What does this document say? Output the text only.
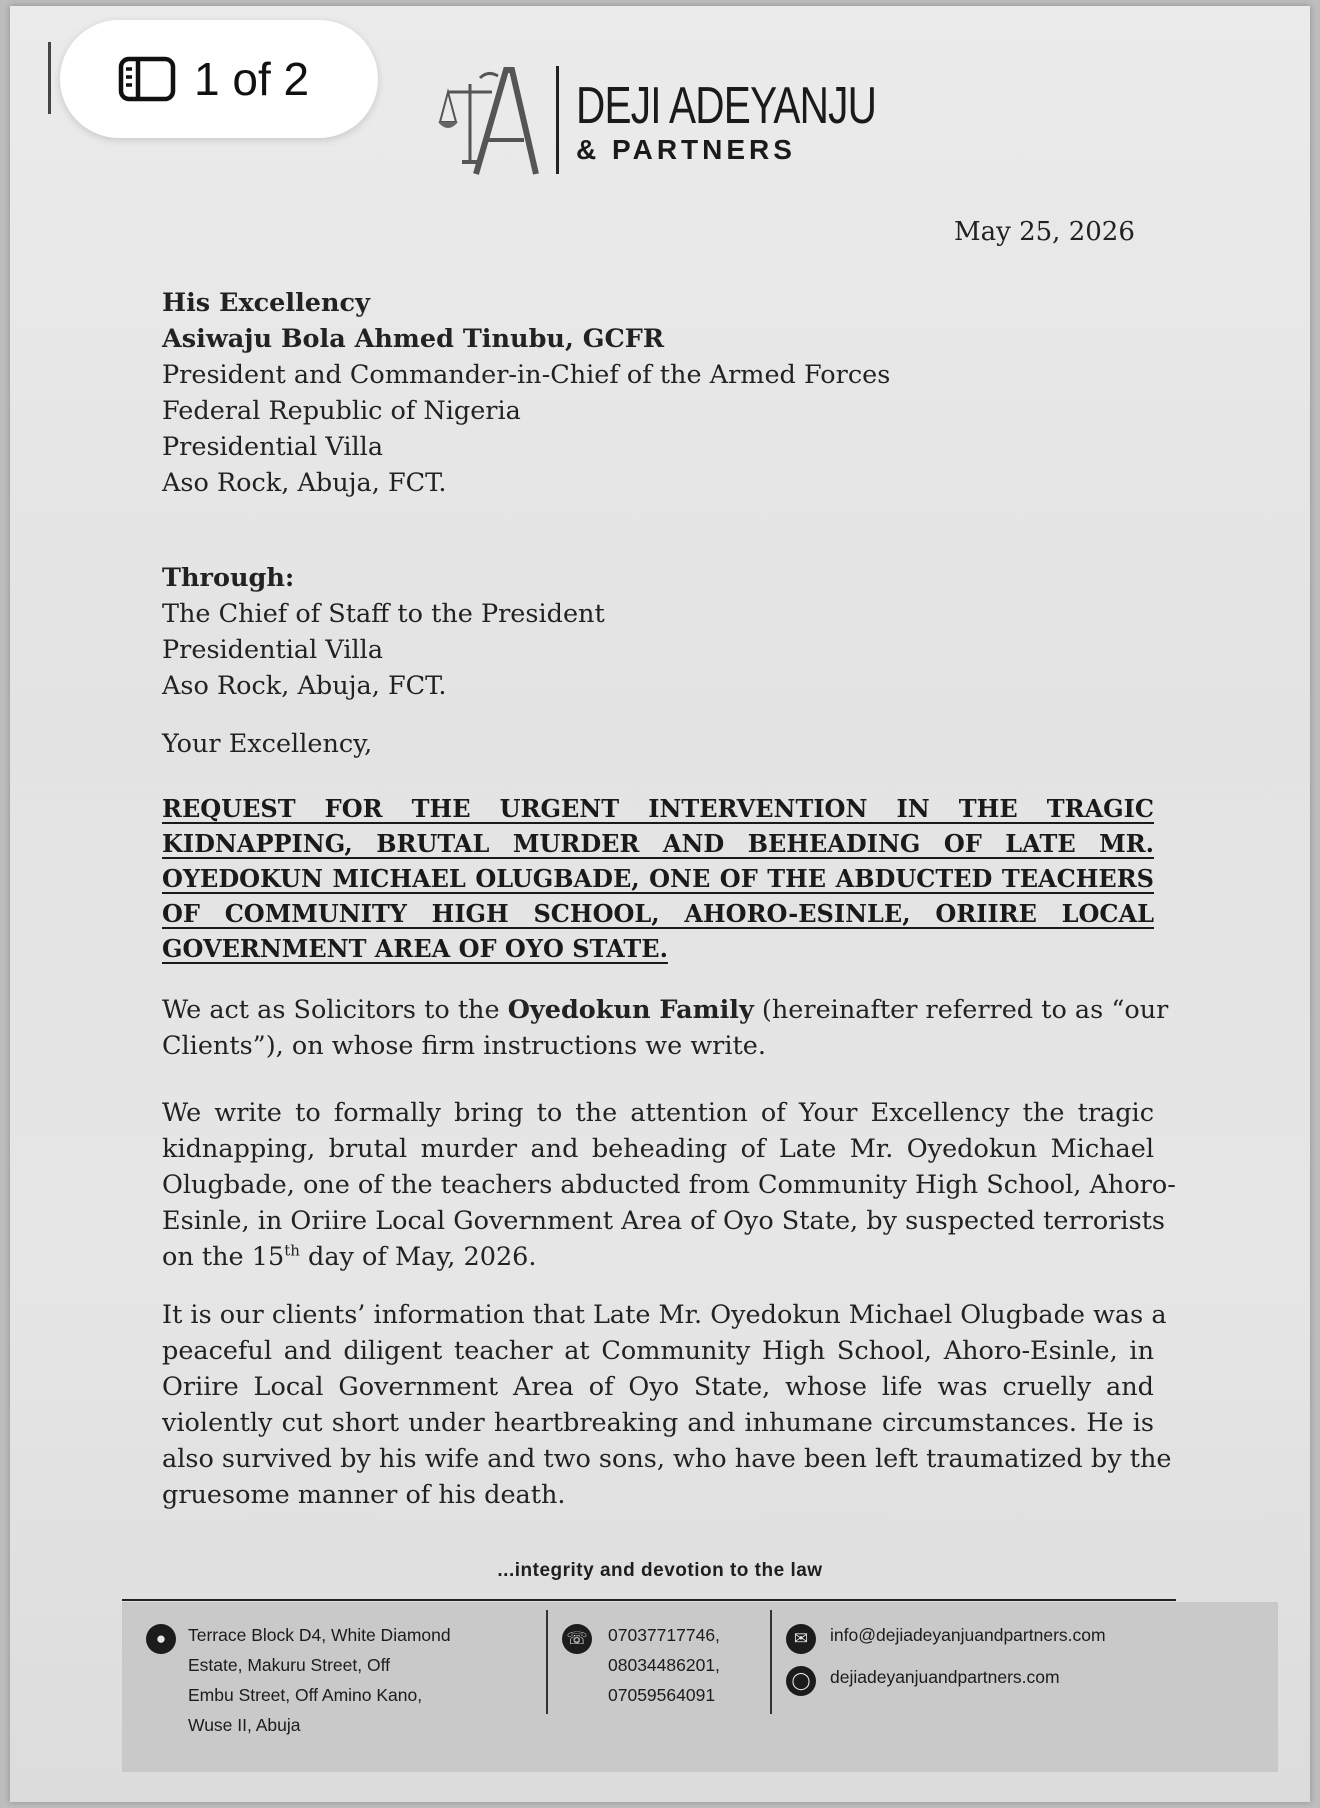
1 of 2	DEJI ADEYANJU
& PARTNERS
May 25, 2026
His Excellency
Asiwaju Bola Ahmed Tinubu, GCFR
President and Commander-in-Chief of the Armed Forces
Federal Republic of Nigeria
Presidential Villa
Aso Rock, Abuja, FCT.
Through:
The Chief of Staff to the President
Presidential Villa
Aso Rock, Abuja, FCT.
Your Excellency,
REQUEST FOR THE URGENT INTERVENTION IN THE TRAGIC
KIDNAPPING, BRUTAL MURDER AND BEHEADING OF LATE MR.
OYEDOKUN MICHAEL OLUGBADE, ONE OF THE ABDUCTED TEACHERS
OF COMMUNITY HIGH SCHOOL, AHORO-ESINLE, ORIIRE LOCAL
GOVERNMENT AREA OF OYO STATE.
We act as Solicitors to the Oyedokun Family (hereinafter referred to as “our
Clients”), on whose firm instructions we write.
We write to formally bring to the attention of Your Excellency the tragic
kidnapping, brutal murder and beheading of Late Mr. Oyedokun Michael
Olugbade, one of the teachers abducted from Community High School, Ahoro-
Esinle, in Oriire Local Government Area of Oyo State, by suspected terrorists
on the 15th day of May, 2026.
It is our clients’ information that Late Mr. Oyedokun Michael Olugbade was a
peaceful and diligent teacher at Community High School, Ahoro-Esinle, in
Oriire Local Government Area of Oyo State, whose life was cruelly and
violently cut short under heartbreaking and inhumane circumstances. He is
also survived by his wife and two sons, who have been left traumatized by the
gruesome manner of his death.
...integrity and devotion to the law
●	Terrace Block D4, White Diamond
Estate, Makuru Street, Off
Embu Street, Off Amino Kano,
Wuse II, Abuja
☏ 07037717746,
08034486201,
07059564091
✉	info@dejiadeyanjuandpartners.com
◯	dejiadeyanjuandpartners.com
